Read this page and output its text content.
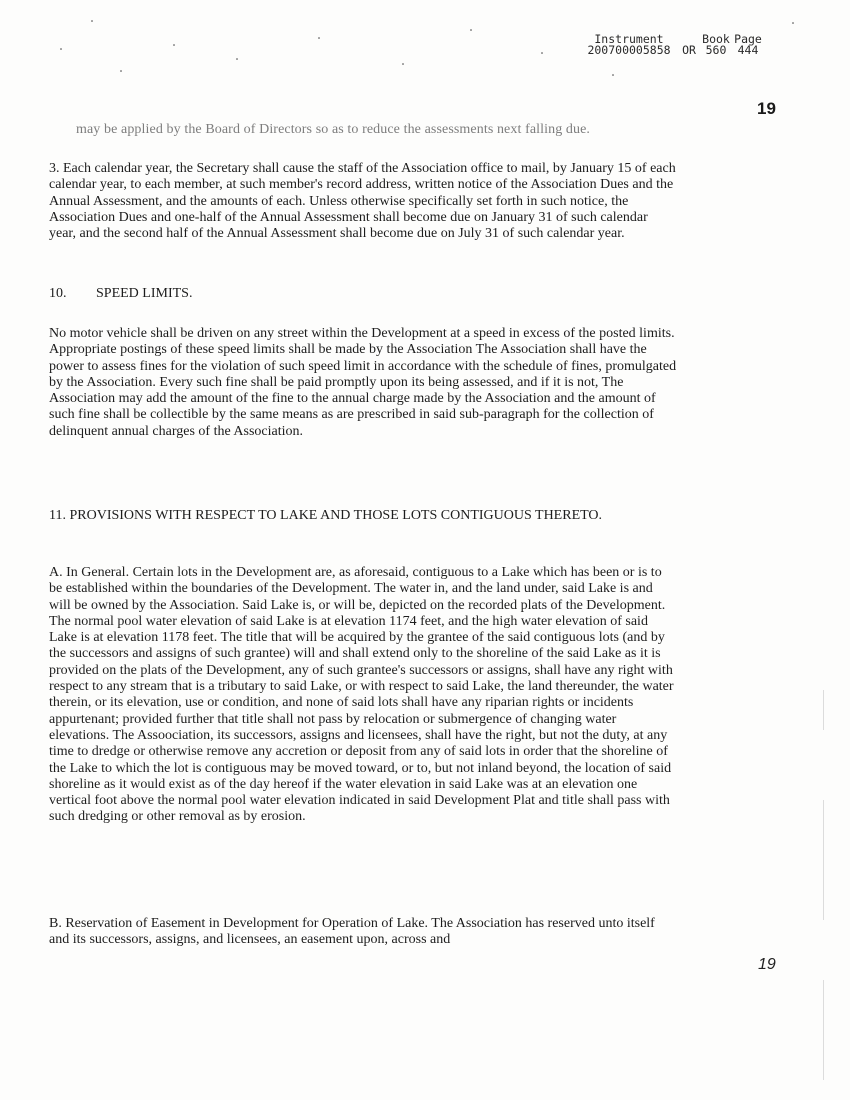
Instrument	Book Page
200700005858	OR 560 444
19
may be applied by the Board of Directors so as to reduce the assessments next falling due.

3. Each calendar year, the Secretary shall cause the staff of the Association office to mail, by January 15 of each calendar year, to each member, at such member's record address, written notice of the Association Dues and the Annual Assessment, and the amounts of each. Unless otherwise specifically set forth in such notice, the Association Dues and one-half of the Annual Assessment shall become due on January 31 of such calendar year, and the second half of the Annual Assessment shall become due on July 31 of such calendar year.

10. SPEED LIMITS.

No motor vehicle shall be driven on any street within the Development at a speed in excess of the posted limits. Appropriate postings of these speed limits shall be made by the Association The Association shall have the power to assess fines for the violation of such speed limit in accordance with the schedule of fines, promulgated by the Association. Every such fine shall be paid promptly upon its being assessed, and if it is not, The Association may add the amount of the fine to the annual charge made by the Association and the amount of such fine shall be collectible by the same means as are prescribed in said sub-paragraph for the collection of delinquent annual charges of the Association.

11. PROVISIONS WITH RESPECT TO LAKE AND THOSE LOTS CONTIGUOUS THERETO.

A. In General. Certain lots in the Development are, as aforesaid, contiguous to a Lake which has been or is to be established within the boundaries of the Development. The water in, and the land under, said Lake is and will be owned by the Association. Said Lake is, or will be, depicted on the recorded plats of the Development. The normal pool water elevation of said Lake is at elevation 1174 feet, and the high water elevation of said Lake is at elevation 1178 feet. The title that will be acquired by the grantee of the said contiguous lots (and by the successors and assigns of such grantee) will and shall extend only to the shoreline of the said Lake as it is provided on the plats of the Development, any of such grantee's successors or assigns, shall have any right with respect to any stream that is a tributary to said Lake, or with respect to said Lake, the land thereunder, the water therein, or its elevation, use or condition, and none of said lots shall have any riparian rights or incidents appurtenant; provided further that title shall not pass by relocation or submergence of changing water elevations. The Assoociation, its successors, assigns and licensees, shall have the right, but not the duty, at any time to dredge or otherwise remove any accretion or deposit from any of said lots in order that the shoreline of the Lake to which the lot is contiguous may be moved toward, or to, but not inland beyond, the location of said shoreline as it would exist as of the day hereof if the water elevation in said Lake was at an elevation one vertical foot above the normal pool water elevation indicated in said Development Plat and title shall pass with such dredging or other removal as by erosion.

B. Reservation of Easement in Development for Operation of Lake. The Association has reserved unto itself and its successors, assigns, and licensees, an easement upon, across and

19
